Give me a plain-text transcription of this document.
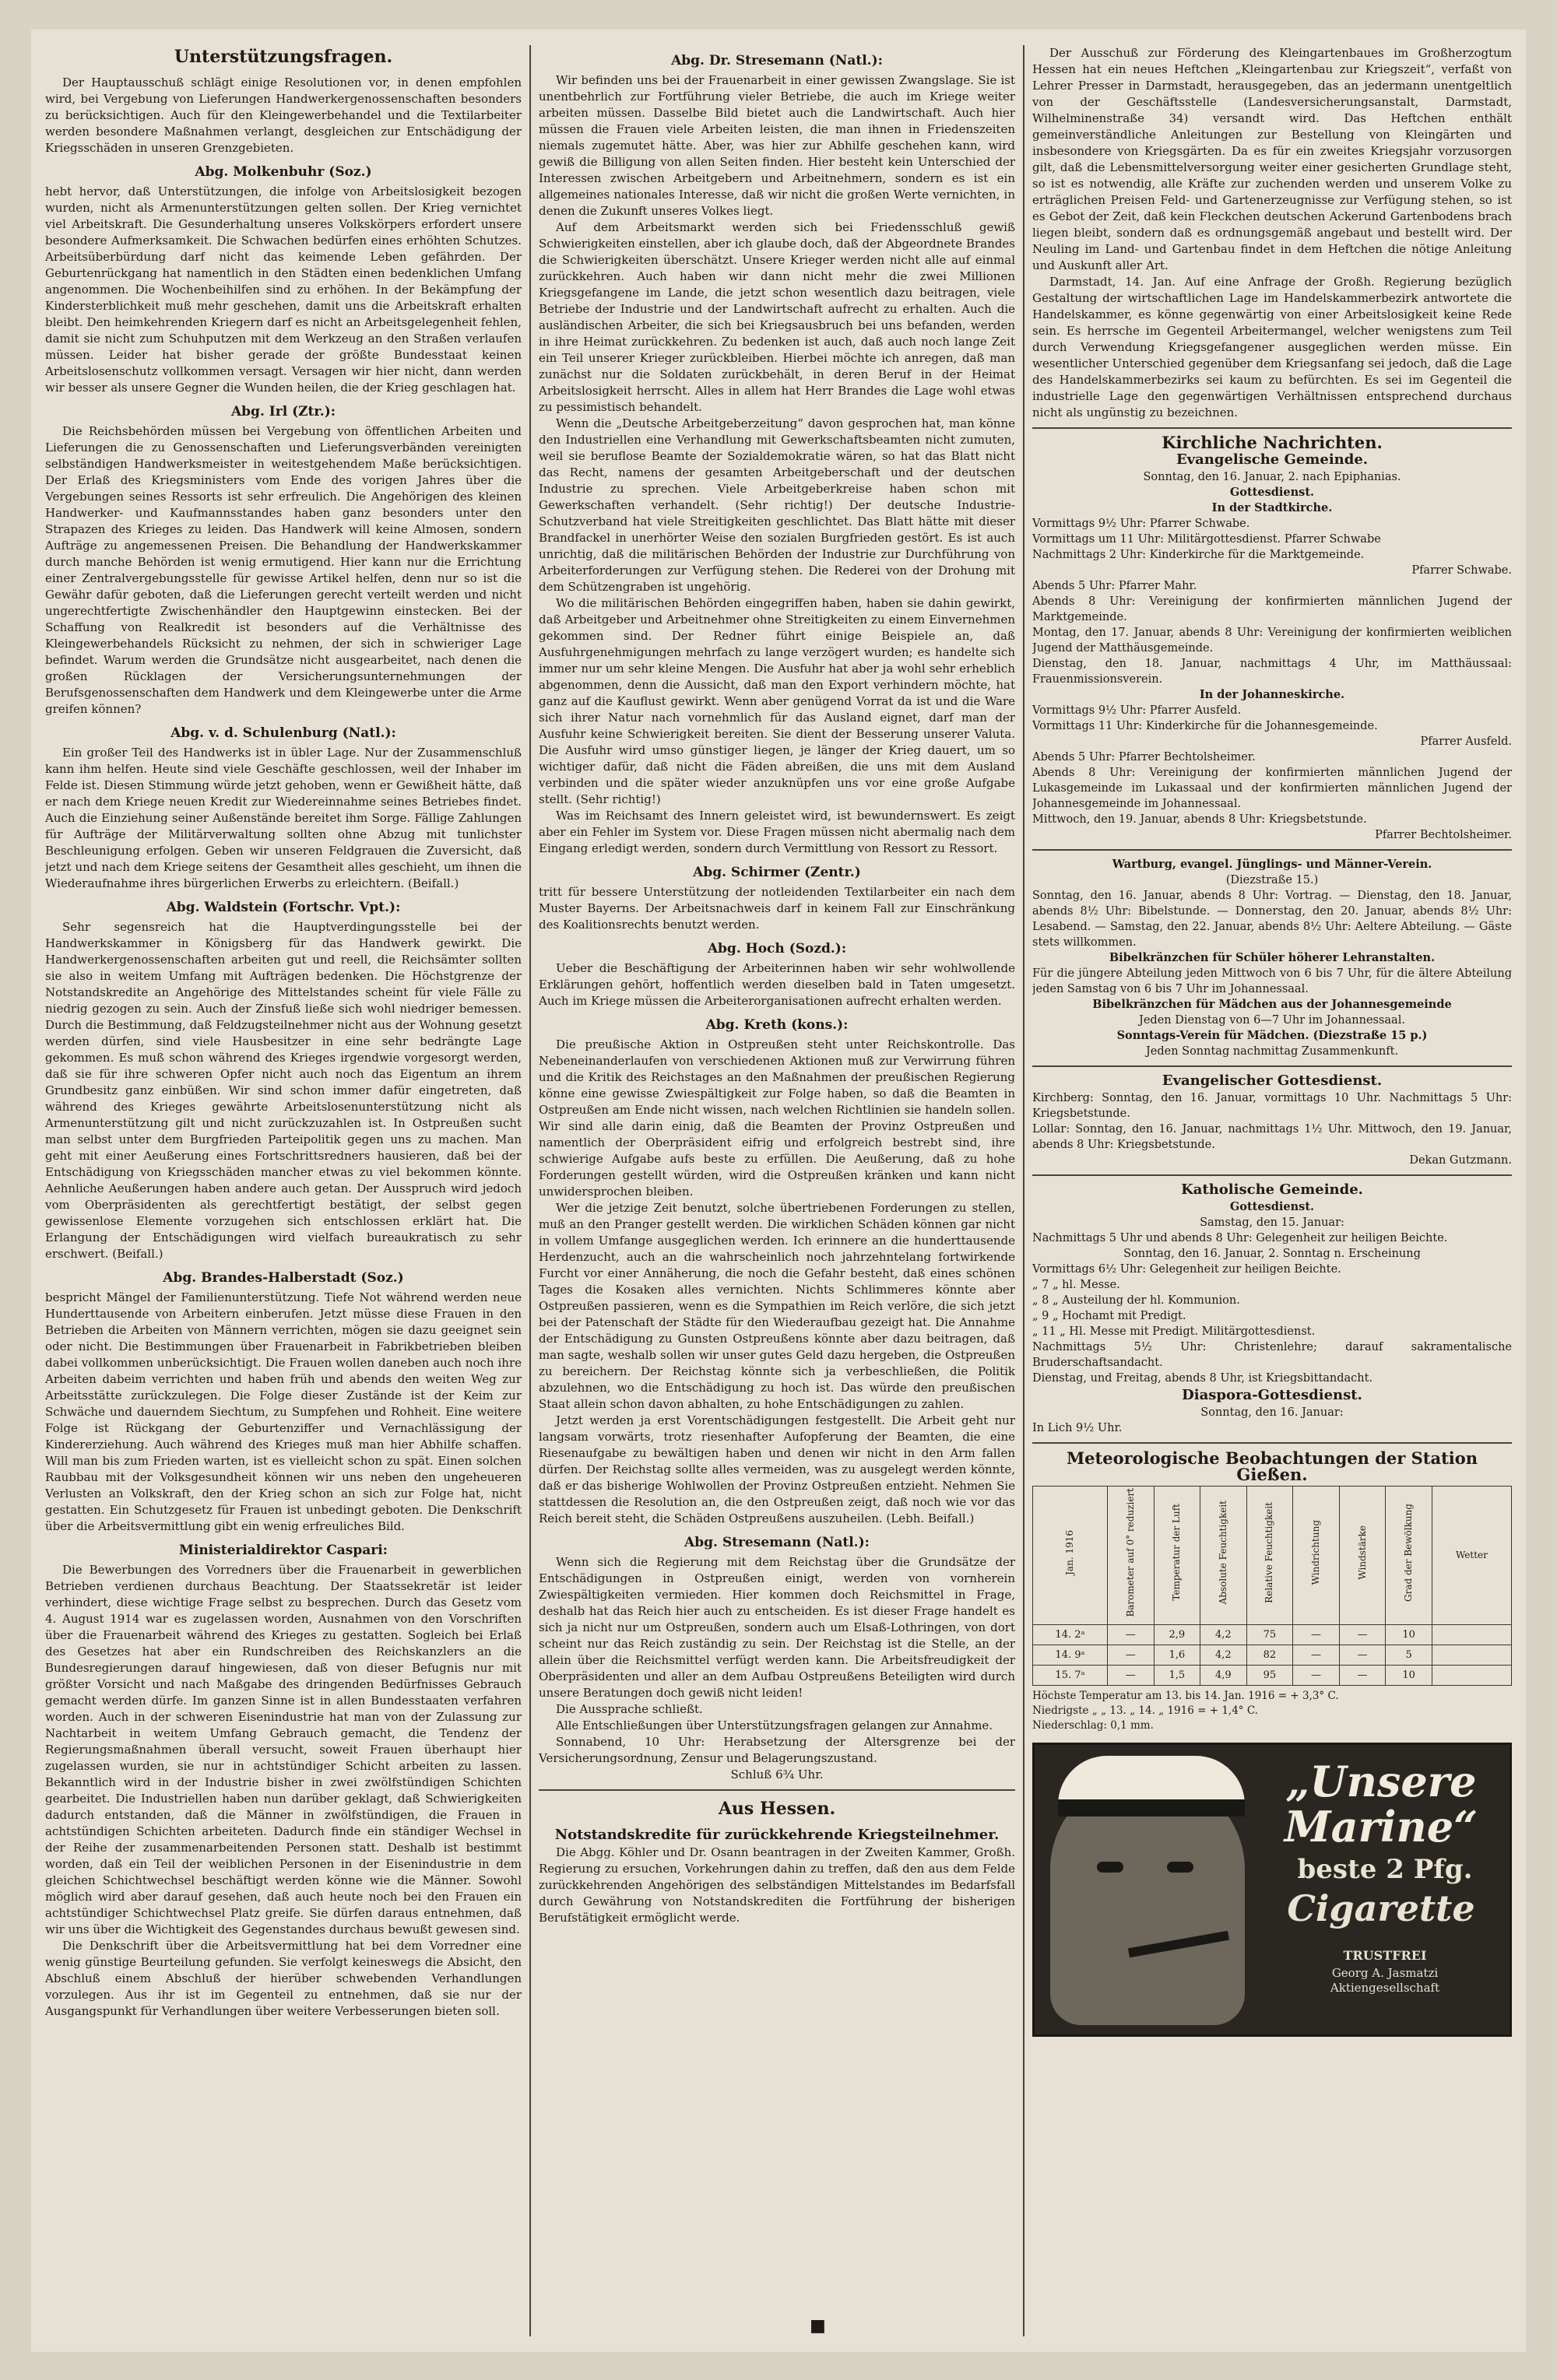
Unterstützungsfragen.

Der Hauptausschuß schlägt einige Resolutionen vor, in denen empfohlen wird, bei Vergebung von Lieferungen Handwerkergenossenschaften besonders zu berücksichtigen. Auch für den Kleingewerbehandel und die Textilarbeiter werden besondere Maßnahmen verlangt, desgleichen zur Entschädigung der Kriegsschäden in unseren Grenzgebieten.

Abg. Molkenbuhr (Soz.)

hebt hervor, daß Unterstützungen, die infolge von Arbeitslosigkeit bezogen wurden, nicht als Armenunterstützungen gelten sollen. Der Krieg vernichtet viel Arbeitskraft. Die Gesunderhaltung unseres Volkskörpers erfordert unsere besondere Aufmerksamkeit. Die Schwachen bedürfen eines erhöhten Schutzes. Arbeitsüberbürdung darf nicht das keimende Leben gefährden. Der Geburtenrückgang hat namentlich in den Städten einen bedenklichen Umfang angenommen. Die Wochenbeihilfen sind zu erhöhen. In der Bekämpfung der Kindersterblichkeit muß mehr geschehen, damit uns die Arbeitskraft erhalten bleibt. Den heimkehrenden Kriegern darf es nicht an Arbeitsgelegenheit fehlen, damit sie nicht zum Schuhputzen mit dem Werkzeug an den Straßen verlaufen müssen. Leider hat bisher gerade der größte Bundesstaat keinen Arbeitslosenschutz vollkommen versagt. Versagen wir hier nicht, dann werden wir besser als unsere Gegner die Wunden heilen, die der Krieg geschlagen hat.

Abg. Irl (Ztr.):

Die Reichsbehörden müssen bei Vergebung von öffentlichen Arbeiten und Lieferungen die zu Genossenschaften und Lieferungsverbänden vereinigten selbständigen Handwerksmeister in weitestgehendem Maße berücksichtigen. Der Erlaß des Kriegsministers vom Ende des vorigen Jahres über die Vergebungen seines Ressorts ist sehr erfreulich. Die Angehörigen des kleinen Handwerker- und Kaufmannsstandes haben ganz besonders unter den Strapazen des Krieges zu leiden. Das Handwerk will keine Almosen, sondern Aufträge zu angemessenen Preisen. Die Behandlung der Handwerkskammer durch manche Behörden ist wenig ermutigend. Hier kann nur die Errichtung einer Zentralvergebungsstelle für gewisse Artikel helfen, denn nur so ist die Gewähr dafür geboten, daß die Lieferungen gerecht verteilt werden und nicht ungerechtfertigte Zwischenhändler den Hauptgewinn einstecken. Bei der Schaffung von Realkredit ist besonders auf die Verhältnisse des Kleingewerbehandels Rücksicht zu nehmen, der sich in schwieriger Lage befindet. Warum werden die Grundsätze nicht ausgearbeitet, nach denen die großen Rücklagen der Versicherungsunternehmungen der Berufsgenossenschaften dem Handwerk und dem Kleingewerbe unter die Arme greifen können?

Abg. v. d. Schulenburg (Natl.):

Ein großer Teil des Handwerks ist in übler Lage. Nur der Zusammenschluß kann ihm helfen. Heute sind viele Geschäfte geschlossen, weil der Inhaber im Felde ist. Diesen Stimmung würde jetzt gehoben, wenn er Gewißheit hätte, daß er nach dem Kriege neuen Kredit zur Wiedereinnahme seines Betriebes findet. Auch die Einziehung seiner Außenstände bereitet ihm Sorge. Fällige Zahlungen für Aufträge der Militärverwaltung sollten ohne Abzug mit tunlichster Beschleunigung erfolgen. Geben wir unseren Feldgrauen die Zuversicht, daß jetzt und nach dem Kriege seitens der Gesamtheit alles geschieht, um ihnen die Wiederaufnahme ihres bürgerlichen Erwerbs zu erleichtern. (Beifall.)

Abg. Waldstein (Fortschr. Vpt.):

Sehr segensreich hat die Hauptverdingungsstelle bei der Handwerkskammer in Königsberg für das Handwerk gewirkt. Die Handwerkergenossenschaften arbeiten gut und reell, die Reichsämter sollten sie also in weitem Umfang mit Aufträgen bedenken. Die Höchstgrenze der Notstandskredite an Angehörige des Mittelstandes scheint für viele Fälle zu niedrig gezogen zu sein. Auch der Zinsfuß ließe sich wohl niedriger bemessen. Durch die Bestimmung, daß Feldzugsteilnehmer nicht aus der Wohnung gesetzt werden dürfen, sind viele Hausbesitzer in eine sehr bedrängte Lage gekommen. Es muß schon während des Krieges irgendwie vorgesorgt werden, daß sie für ihre schweren Opfer nicht auch noch das Eigentum an ihrem Grundbesitz ganz einbüßen. Wir sind schon immer dafür eingetreten, daß während des Krieges gewährte Arbeitslosenunterstützung nicht als Armenunterstützung gilt und nicht zurückzuzahlen ist. In Ostpreußen sucht man selbst unter dem Burgfrieden Parteipolitik gegen uns zu machen. Man geht mit einer Aeußerung eines Fortschrittsredners hausieren, daß bei der Entschädigung von Kriegsschäden mancher etwas zu viel bekommen könnte. Aehnliche Aeußerungen haben andere auch getan. Der Ausspruch wird jedoch vom Oberpräsidenten als gerechtfertigt bestätigt, der selbst gegen gewissenlose Elemente vorzugehen sich entschlossen erklärt hat. Die Erlangung der Entschädigungen wird vielfach bureaukratisch zu sehr erschwert. (Beifall.)

Abg. Brandes-Halberstadt (Soz.)

bespricht Mängel der Familienunterstützung. Tiefe Not während werden neue Hunderttausende von Arbeitern einberufen. Jetzt müsse diese Frauen in den Betrieben die Arbeiten von Männern verrichten, mögen sie dazu geeignet sein oder nicht. Die Bestimmungen über Frauenarbeit in Fabrikbetrieben bleiben dabei vollkommen unberücksichtigt. Die Frauen wollen daneben auch noch ihre Arbeiten dabeim verrichten und haben früh und abends den weiten Weg zur Arbeitsstätte zurückzulegen. Die Folge dieser Zustände ist der Keim zur Schwäche und dauerndem Siechtum, zu Sumpfehen und Rohheit. Eine weitere Folge ist Rückgang der Geburtenziffer und Vernachlässigung der Kindererziehung. Auch während des Krieges muß man hier Abhilfe schaffen. Will man bis zum Frieden warten, ist es vielleicht schon zu spät. Einen solchen Raubbau mit der Volksgesundheit können wir uns neben den ungeheueren Verlusten an Volkskraft, den der Krieg schon an sich zur Folge hat, nicht gestatten. Ein Schutzgesetz für Frauen ist unbedingt geboten. Die Denkschrift über die Arbeitsvermittlung gibt ein wenig erfreuliches Bild.

Ministerialdirektor Caspari:

Die Bewerbungen des Vorredners über die Frauenarbeit in gewerblichen Betrieben verdienen durchaus Beachtung. Der Staatssekretär ist leider verhindert, diese wichtige Frage selbst zu besprechen. Durch das Gesetz vom 4. August 1914 war es zugelassen worden, Ausnahmen von den Vorschriften über die Frauenarbeit während des Krieges zu gestatten. Sogleich bei Erlaß des Gesetzes hat aber ein Rundschreiben des Reichskanzlers an die Bundesregierungen darauf hingewiesen, daß von dieser Befugnis nur mit größter Vorsicht und nach Maßgabe des dringenden Bedürfnisses Gebrauch gemacht werden dürfe. Im ganzen Sinne ist in allen Bundesstaaten verfahren worden. Auch in der schweren Eisenindustrie hat man von der Zulassung zur Nachtarbeit in weitem Umfang Gebrauch gemacht, die Tendenz der Regierungsmaßnahmen überall versucht, soweit Frauen überhaupt hier zugelassen wurden, sie nur in achtstündiger Schicht arbeiten zu lassen. Bekanntlich wird in der Industrie bisher in zwei zwölfstündigen Schichten gearbeitet. Die Industriellen haben nun darüber geklagt, daß Schwierigkeiten dadurch entstanden, daß die Männer in zwölfstündigen, die Frauen in achtstündigen Schichten arbeiteten. Dadurch finde ein ständiger Wechsel in der Reihe der zusammenarbeitenden Personen statt. Deshalb ist bestimmt worden, daß ein Teil der weiblichen Personen in der Eisenindustrie in dem gleichen Schichtwechsel beschäftigt werden könne wie die Männer. Sowohl möglich wird aber darauf gesehen, daß auch heute noch bei den Frauen ein achtstündiger Schichtwechsel Platz greife. Sie dürfen daraus entnehmen, daß wir uns über die Wichtigkeit des Gegenstandes durchaus bewußt gewesen sind.

Die Denkschrift über die Arbeitsvermittlung hat bei dem Vorredner eine wenig günstige Beurteilung gefunden. Sie verfolgt keineswegs die Absicht, den Abschluß einem Abschluß der hierüber schwebenden Verhandlungen vorzulegen. Aus ihr ist im Gegenteil zu entnehmen, daß sie nur der Ausgangspunkt für Verhandlungen über weitere Verbesserungen bieten soll.

Abg. Dr. Stresemann (Natl.):

Wir befinden uns bei der Frauenarbeit in einer gewissen Zwangslage. Sie ist unentbehrlich zur Fortführung vieler Betriebe, die auch im Kriege weiter arbeiten müssen. Dasselbe Bild bietet auch die Landwirtschaft. Auch hier müssen die Frauen viele Arbeiten leisten, die man ihnen in Friedenszeiten niemals zugemutet hätte. Aber, was hier zur Abhilfe geschehen kann, wird gewiß die Billigung von allen Seiten finden. Hier besteht kein Unterschied der Interessen zwischen Arbeitgebern und Arbeitnehmern, sondern es ist ein allgemeines nationales Interesse, daß wir nicht die großen Werte vernichten, in denen die Zukunft unseres Volkes liegt.

Auf dem Arbeitsmarkt werden sich bei Friedensschluß gewiß Schwierigkeiten einstellen, aber ich glaube doch, daß der Abgeordnete Brandes die Schwierigkeiten überschätzt. Unsere Krieger werden nicht alle auf einmal zurückkehren. Auch haben wir dann nicht mehr die zwei Millionen Kriegsgefangene im Lande, die jetzt schon wesentlich dazu beitragen, viele Betriebe der Industrie und der Landwirtschaft aufrecht zu erhalten. Auch die ausländischen Arbeiter, die sich bei Kriegsausbruch bei uns befanden, werden in ihre Heimat zurückkehren. Zu bedenken ist auch, daß auch noch lange Zeit ein Teil unserer Krieger zurückbleiben. Hierbei möchte ich anregen, daß man zunächst nur die Soldaten zurückbehält, in deren Beruf in der Heimat Arbeitslosigkeit herrscht. Alles in allem hat Herr Brandes die Lage wohl etwas zu pessimistisch behandelt.

Wenn die „Deutsche Arbeitgeberzeitung“ davon gesprochen hat, man könne den Industriellen eine Verhandlung mit Gewerkschaftsbeamten nicht zumuten, weil sie beruflose Beamte der Sozialdemokratie wären, so hat das Blatt nicht das Recht, namens der gesamten Arbeitgeberschaft und der deutschen Industrie zu sprechen. Viele Arbeitgeberkreise haben schon mit Gewerkschaften verhandelt. (Sehr richtig!) Der deutsche Industrie-Schutzverband hat viele Streitigkeiten geschlichtet. Das Blatt hätte mit dieser Brandfackel in unerhörter Weise den sozialen Burgfrieden gestört. Es ist auch unrichtig, daß die militärischen Behörden der Industrie zur Durchführung von Arbeiterforderungen zur Verfügung stehen. Die Rederei von der Drohung mit dem Schützengraben ist ungehörig.

Wo die militärischen Behörden eingegriffen haben, haben sie dahin gewirkt, daß Arbeitgeber und Arbeitnehmer ohne Streitigkeiten zu einem Einvernehmen gekommen sind. Der Redner führt einige Beispiele an, daß Ausfuhrgenehmigungen mehrfach zu lange verzögert wurden; es handelte sich immer nur um sehr kleine Mengen. Die Ausfuhr hat aber ja wohl sehr erheblich abgenommen, denn die Aussicht, daß man den Export verhindern möchte, hat ganz auf die Kauflust gewirkt. Wenn aber genügend Vorrat da ist und die Ware sich ihrer Natur nach vornehmlich für das Ausland eignet, darf man der Ausfuhr keine Schwierigkeit bereiten. Sie dient der Besserung unserer Valuta. Die Ausfuhr wird umso günstiger liegen, je länger der Krieg dauert, um so wichtiger dafür, daß nicht die Fäden abreißen, die uns mit dem Ausland verbinden und die später wieder anzuknüpfen uns vor eine große Aufgabe stellt. (Sehr richtig!)

Was im Reichsamt des Innern geleistet wird, ist bewundernswert. Es zeigt aber ein Fehler im System vor. Diese Fragen müssen nicht abermalig nach dem Eingang erledigt werden, sondern durch Vermittlung von Ressort zu Ressort.

Abg. Schirmer (Zentr.)

tritt für bessere Unterstützung der notleidenden Textilarbeiter ein nach dem Muster Bayerns. Der Arbeitsnachweis darf in keinem Fall zur Einschränkung des Koalitionsrechts benutzt werden.

Abg. Hoch (Sozd.):

Ueber die Beschäftigung der Arbeiterinnen haben wir sehr wohlwollende Erklärungen gehört, hoffentlich werden dieselben bald in Taten umgesetzt. Auch im Kriege müssen die Arbeiterorganisationen aufrecht erhalten werden.

Abg. Kreth (kons.):

Die preußische Aktion in Ostpreußen steht unter Reichskontrolle. Das Nebeneinanderlaufen von verschiedenen Aktionen muß zur Verwirrung führen und die Kritik des Reichstages an den Maßnahmen der preußischen Regierung könne eine gewisse Zwiespältigkeit zur Folge haben, so daß die Beamten in Ostpreußen am Ende nicht wissen, nach welchen Richtlinien sie handeln sollen. Wir sind alle darin einig, daß die Beamten der Provinz Ostpreußen und namentlich der Oberpräsident eifrig und erfolgreich bestrebt sind, ihre schwierige Aufgabe aufs beste zu erfüllen. Die Aeußerung, daß zu hohe Forderungen gestellt würden, wird die Ostpreußen kränken und kann nicht unwidersprochen bleiben.

Wer die jetzige Zeit benutzt, solche übertriebenen Forderungen zu stellen, muß an den Pranger gestellt werden. Die wirklichen Schäden können gar nicht in vollem Umfange ausgeglichen werden. Ich erinnere an die hunderttausende Herdenzucht, auch an die wahrscheinlich noch jahrzehntelang fortwirkende Furcht vor einer Annäherung, die noch die Gefahr besteht, daß eines schönen Tages die Kosaken alles vernichten. Nichts Schlimmeres könnte aber Ostpreußen passieren, wenn es die Sympathien im Reich verlöre, die sich jetzt bei der Patenschaft der Städte für den Wiederaufbau gezeigt hat. Die Annahme der Entschädigung zu Gunsten Ostpreußens könnte aber dazu beitragen, daß man sagte, weshalb sollen wir unser gutes Geld dazu hergeben, die Ostpreußen zu bereichern. Der Reichstag könnte sich ja verbeschließen, die Politik abzulehnen, wo die Entschädigung zu hoch ist. Das würde den preußischen Staat allein schon davon abhalten, zu hohe Entschädigungen zu zahlen.

Jetzt werden ja erst Vorentschädigungen festgestellt. Die Arbeit geht nur langsam vorwärts, trotz riesenhafter Aufopferung der Beamten, die eine Riesenaufgabe zu bewältigen haben und denen wir nicht in den Arm fallen dürfen. Der Reichstag sollte alles vermeiden, was zu ausgelegt werden könnte, daß er das bisherige Wohlwollen der Provinz Ostpreußen entzieht. Nehmen Sie stattdessen die Resolution an, die den Ostpreußen zeigt, daß noch wie vor das Reich bereit steht, die Schäden Ostpreußens auszuheilen. (Lebh. Beifall.)

Abg. Stresemann (Natl.):

Wenn sich die Regierung mit dem Reichstag über die Grundsätze der Entschädigungen in Ostpreußen einigt, werden von vornherein Zwiespältigkeiten vermieden. Hier kommen doch Reichsmittel in Frage, deshalb hat das Reich hier auch zu entscheiden. Es ist dieser Frage handelt es sich ja nicht nur um Ostpreußen, sondern auch um Elsaß-Lothringen, von dort scheint nur das Reich zuständig zu sein. Der Reichstag ist die Stelle, an der allein über die Reichsmittel verfügt werden kann. Die Arbeitsfreudigkeit der Oberpräsidenten und aller an dem Aufbau Ostpreußens Beteiligten wird durch unsere Beratungen doch gewiß nicht leiden!

Die Aussprache schließt.

Alle Entschließungen über Unterstützungsfragen gelangen zur Annahme.

Sonnabend, 10 Uhr: Herabsetzung der Altersgrenze bei der Versicherungsordnung, Zensur und Belagerungszustand.

Schluß 6¾ Uhr.

Aus Hessen.
Notstandskredite für zurückkehrende Kriegsteilnehmer.

Die Abgg. Köhler und Dr. Osann beantragen in der Zweiten Kammer, Großh. Regierung zu ersuchen, Vorkehrungen dahin zu treffen, daß den aus dem Felde zurückkehrenden Angehörigen des selbständigen Mittelstandes im Bedarfsfall durch Gewährung von Notstandskrediten die Fortführung der bisherigen Berufstätigkeit ermöglicht werde.

Der Ausschuß zur Förderung des Kleingartenbaues im Großherzogtum Hessen hat ein neues Heftchen „Kleingartenbau zur Kriegszeit“, verfaßt von Lehrer Presser in Darmstadt, herausgegeben, das an jedermann unentgeltlich von der Geschäftsstelle (Landesversicherungsanstalt, Darmstadt, Wilhelminenstraße 34) versandt wird. Das Heftchen enthält gemeinverständliche Anleitungen zur Bestellung von Kleingärten und insbesondere von Kriegsgärten. Da es für ein zweites Kriegsjahr vorzusorgen gilt, daß die Lebensmittelversorgung weiter einer gesicherten Grundlage steht, so ist es notwendig, alle Kräfte zur zuchenden werden und unserem Volke zu erträglichen Preisen Feld- und Gartenerzeugnisse zur Verfügung stehen, so ist es Gebot der Zeit, daß kein Fleckchen deutschen Ackerund Gartenbodens brach liegen bleibt, sondern daß es ordnungsgemäß angebaut und bestellt wird. Der Neuling im Land- und Gartenbau findet in dem Heftchen die nötige Anleitung und Auskunft aller Art.

Darmstadt, 14. Jan. Auf eine Anfrage der Großh. Regierung bezüglich Gestaltung der wirtschaftlichen Lage im Handelskammerbezirk antwortete die Handelskammer, es könne gegenwärtig von einer Arbeitslosigkeit keine Rede sein. Es herrsche im Gegenteil Arbeitermangel, welcher wenigstens zum Teil durch Verwendung Kriegsgefangener ausgeglichen werden müsse. Ein wesentlicher Unterschied gegenüber dem Kriegsanfang sei jedoch, daß die Lage des Handelskammerbezirks sei kaum zu befürchten. Es sei im Gegenteil die industrielle Lage den gegenwärtigen Verhältnissen entsprechend durchaus nicht als ungünstig zu bezeichnen.

Kirchliche Nachrichten.
Evangelische Gemeinde.

Sonntag, den 16. Januar, 2. nach Epiphanias.

Gottesdienst.

In der Stadtkirche.

Vormittags 9½ Uhr: Pfarrer Schwabe.

Vormittags um 11 Uhr: Militärgottesdienst. Pfarrer Schwabe

Nachmittags 2 Uhr: Kinderkirche für die Marktgemeinde.

Pfarrer Schwabe.

Abends 5 Uhr: Pfarrer Mahr.

Abends 8 Uhr: Vereinigung der konfirmierten männlichen Jugend der Marktgemeinde.

Montag, den 17. Januar, abends 8 Uhr: Vereinigung der konfirmierten weiblichen Jugend der Matthäusgemeinde.

Dienstag, den 18. Januar, nachmittags 4 Uhr, im Matthäussaal: Frauenmissionsverein.

In der Johanneskirche.

Vormittags 9½ Uhr: Pfarrer Ausfeld.

Vormittags 11 Uhr: Kinderkirche für die Johannesgemeinde.

Pfarrer Ausfeld.

Abends 5 Uhr: Pfarrer Bechtolsheimer.

Abends 8 Uhr: Vereinigung der konfirmierten männlichen Jugend der Lukasgemeinde im Lukassaal und der konfirmierten männlichen Jugend der Johannesgemeinde im Johannessaal.

Mittwoch, den 19. Januar, abends 8 Uhr: Kriegsbetstunde.

Pfarrer Bechtolsheimer.

Wartburg, evangel. Jünglings- und Männer-Verein.

(Diezstraße 15.)

Sonntag, den 16. Januar, abends 8 Uhr: Vortrag. — Dienstag, den 18. Januar, abends 8½ Uhr: Bibelstunde. — Donnerstag, den 20. Januar, abends 8½ Uhr: Lesabend. — Samstag, den 22. Januar, abends 8½ Uhr: Aeltere Abteilung. — Gäste stets willkommen.

Bibelkränzchen für Schüler höherer Lehranstalten.

Für die jüngere Abteilung jeden Mittwoch von 6 bis 7 Uhr, für die ältere Abteilung jeden Samstag von 6 bis 7 Uhr im Johannessaal.

Bibelkränzchen für Mädchen aus der Johannesgemeinde

Jeden Dienstag von 6—7 Uhr im Johannessaal.

Sonntags-Verein für Mädchen. (Diezstraße 15 p.)

Jeden Sonntag nachmittag Zusammenkunft.

Evangelischer Gottesdienst.

Kirchberg: Sonntag, den 16. Januar, vormittags 10 Uhr. Nachmittags 5 Uhr: Kriegsbetstunde.

Lollar: Sonntag, den 16. Januar, nachmittags 1½ Uhr. Mittwoch, den 19. Januar, abends 8 Uhr: Kriegsbetstunde.

Dekan Gutzmann.

Katholische Gemeinde.

Gottesdienst.

Samstag, den 15. Januar:

Nachmittags 5 Uhr und abends 8 Uhr: Gelegenheit zur heiligen Beichte.

Sonntag, den 16. Januar, 2. Sonntag n. Erscheinung

Vormittags 6½ Uhr: Gelegenheit zur heiligen Beichte.

„ 7 „ hl. Messe.

„ 8 „ Austeilung der hl. Kommunion.

„ 9 „ Hochamt mit Predigt.

„ 11 „ Hl. Messe mit Predigt. Militärgottesdienst.

Nachmittags 5½ Uhr: Christenlehre; darauf sakramentalische Bruderschaftsandacht.

Dienstag, und Freitag, abends 8 Uhr, ist Kriegsbittandacht.

Diaspora-Gottesdienst.

Sonntag, den 16. Januar:

In Lich 9½ Uhr.

Meteorologische Beobachtungen der Station Gießen.
Jan. 1916	Barometer auf 0° reduziert	Temperatur der Luft	Absolute Feuchtigkeit	Relative Feuchtigkeit	Windrichtung	Windstärke	Grad der Bewölkung	Wetter
14. 2ᵃ	—	2,9	4,2	75	—	—	10	
14. 9ᵃ	—	1,6	4,2	82	—	—	5	
15. 7ᵃ	—	1,5	4,9	95	—	—	10	
Höchste Temperatur am 13. bis 14. Jan. 1916 = + 3,3° C.
Niedrigste „ „ 13. „ 14. „ 1916 = + 1,4° C.
Niederschlag: 0,1 mm.
„Unsere Marine“
beste 2 Pfg.
Cigarette
TRUSTFREI
Georg A. Jasmatzi
Aktiengesellschaft
■
